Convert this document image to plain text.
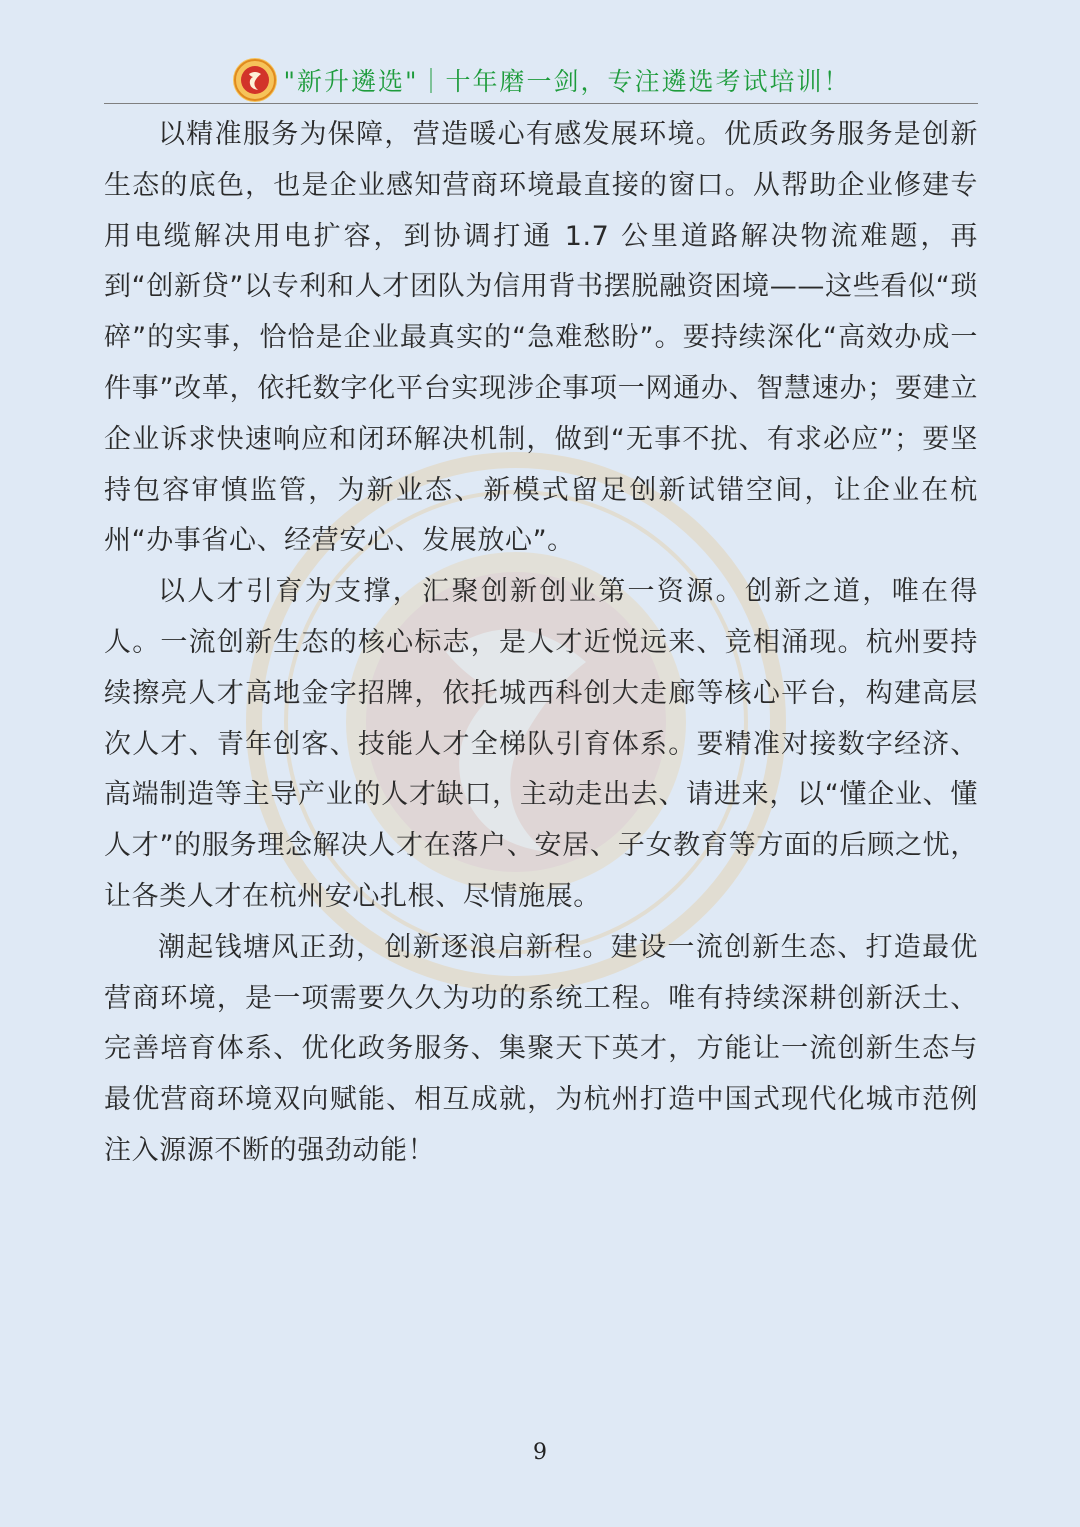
"新升遴选"｜十年磨一剑，专注遴选考试培训！

以精准服务为保障，营造暖心有感发展环境。优质政务服务是创新生态的底色，也是企业感知营商环境最直接的窗口。从帮助企业修建专用电缆解决用电扩容，到协调打通 1.7 公里道路解决物流难题，再到“创新贷”以专利和人才团队为信用背书摆脱融资困境——这些看似“琐碎”的实事，恰恰是企业最真实的“急难愁盼”。要持续深化“高效办成一件事”改革，依托数字化平台实现涉企事项一网通办、智慧速办；要建立企业诉求快速响应和闭环解决机制，做到“无事不扰、有求必应”；要坚持包容审慎监管，为新业态、新模式留足创新试错空间，让企业在杭州“办事省心、经营安心、发展放心”。

以人才引育为支撑，汇聚创新创业第一资源。创新之道，唯在得人。一流创新生态的核心标志，是人才近悦远来、竞相涌现。杭州要持续擦亮人才高地金字招牌，依托城西科创大走廊等核心平台，构建高层次人才、青年创客、技能人才全梯队引育体系。要精准对接数字经济、高端制造等主导产业的人才缺口，主动走出去、请进来，以“懂企业、懂人才”的服务理念解决人才在落户、安居、子女教育等方面的后顾之忧，让各类人才在杭州安心扎根、尽情施展。

潮起钱塘风正劲，创新逐浪启新程。建设一流创新生态、打造最优营商环境，是一项需要久久为功的系统工程。唯有持续深耕创新沃土、完善培育体系、优化政务服务、集聚天下英才，方能让一流创新生态与最优营商环境双向赋能、相互成就，为杭州打造中国式现代化城市范例注入源源不断的强劲动能！

9
